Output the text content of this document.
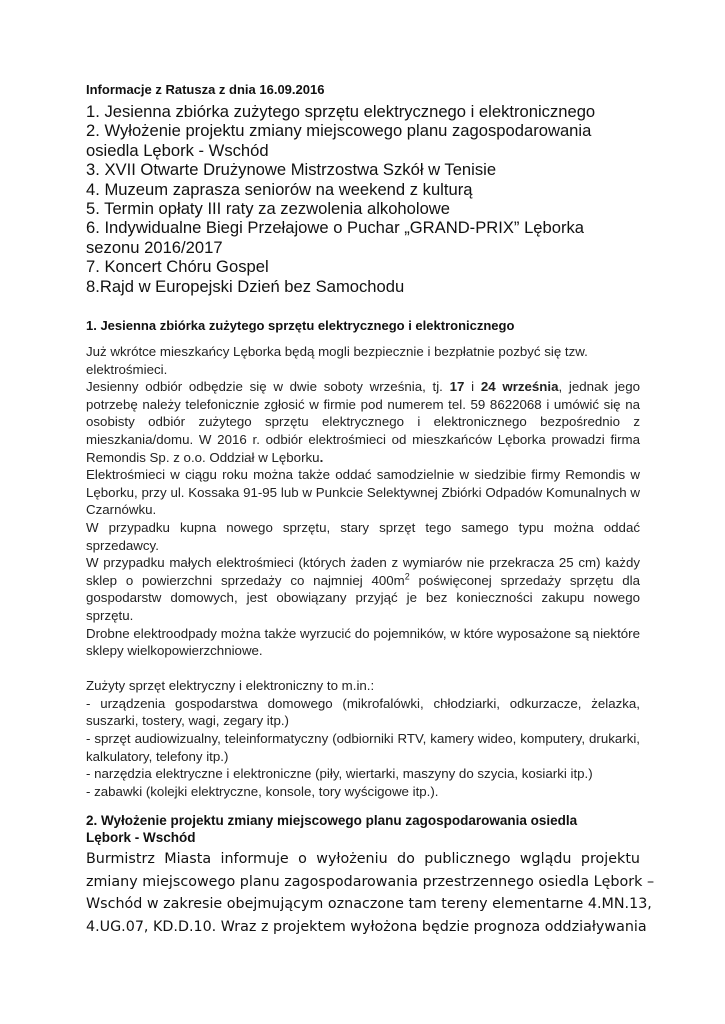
Informacje z Ratusza z dnia 16.09.2016

1. Jesienna zbiórka zużytego sprzętu elektrycznego i elektronicznego

2. Wyłożenie projektu zmiany miejscowego planu zagospodarowania

osiedla Lębork - Wschód

3. XVII Otwarte Drużynowe Mistrzostwa Szkół w Tenisie

4. Muzeum zaprasza seniorów na weekend z kulturą

5. Termin opłaty III raty za zezwolenia alkoholowe

6. Indywidualne Biegi Przełajowe o Puchar „GRAND-PRIX” Lęborka

sezonu 2016/2017

7. Koncert Chóru Gospel

8.Rajd w Europejski Dzień bez Samochodu

1. Jesienna zbiórka zużytego sprzętu elektrycznego i elektronicznego

Już wkrótce mieszkańcy Lęborka będą mogli bezpiecznie i bezpłatnie pozbyć się tzw. elektrośmieci.

Jesienny odbiór odbędzie się w dwie soboty września, tj. 17 i 24 września, jednak jego potrzebę należy telefonicznie zgłosić w firmie pod numerem tel. 59 8622068 i umówić się na osobisty odbiór zużytego sprzętu elektrycznego i elektronicznego bezpośrednio z mieszkania/domu. W 2016 r. odbiór elektrośmieci od mieszkańców Lęborka prowadzi firma Remondis Sp. z o.o. Oddział w Lęborku.

Elektrośmieci w ciągu roku można także oddać samodzielnie w siedzibie firmy Remondis w Lęborku, przy ul. Kossaka 91-95 lub w Punkcie Selektywnej Zbiórki Odpadów Komunalnych w Czarnówku.

W przypadku kupna nowego sprzętu, stary sprzęt tego samego typu można oddać sprzedawcy.

W przypadku małych elektrośmieci (których żaden z wymiarów nie przekracza 25 cm) każdy sklep o powierzchni sprzedaży co najmniej $400m^2$ poświęconej sprzedaży sprzętu dla gospodarstw domowych, jest obowiązany przyjąć je bez konieczności zakupu nowego sprzętu.

Drobne elektroodpady można także wyrzucić do pojemników, w które wyposażone są niektóre sklepy wielkopowierzchniowe.

Zużyty sprzęt elektryczny i elektroniczny to m.in.:

- urządzenia gospodarstwa domowego (mikrofalówki, chłodziarki, odkurzacze, żelazka, suszarki, tostery, wagi, zegary itp.)

- sprzęt audiowizualny, teleinformatyczny (odbiorniki RTV, kamery wideo, komputery, drukarki, kalkulatory, telefony itp.)

- narzędzia elektryczne i elektroniczne (piły, wiertarki, maszyny do szycia, kosiarki itp.)

- zabawki (kolejki elektryczne, konsole, tory wyścigowe itp.).

2. Wyłożenie projektu zmiany miejscowego planu zagospodarowania osiedla
Lębork - Wschód
Burmistrz Miasta informuje o wyłożeniu do publicznego wglądu projektu
zmiany miejscowego planu zagospodarowania przestrzennego osiedla Lębork –
Wschód w zakresie obejmującym oznaczone tam tereny elementarne 4.MN.13,
4.UG.07, KD.D.10. Wraz z projektem wyłożona będzie prognoza oddziaływania
